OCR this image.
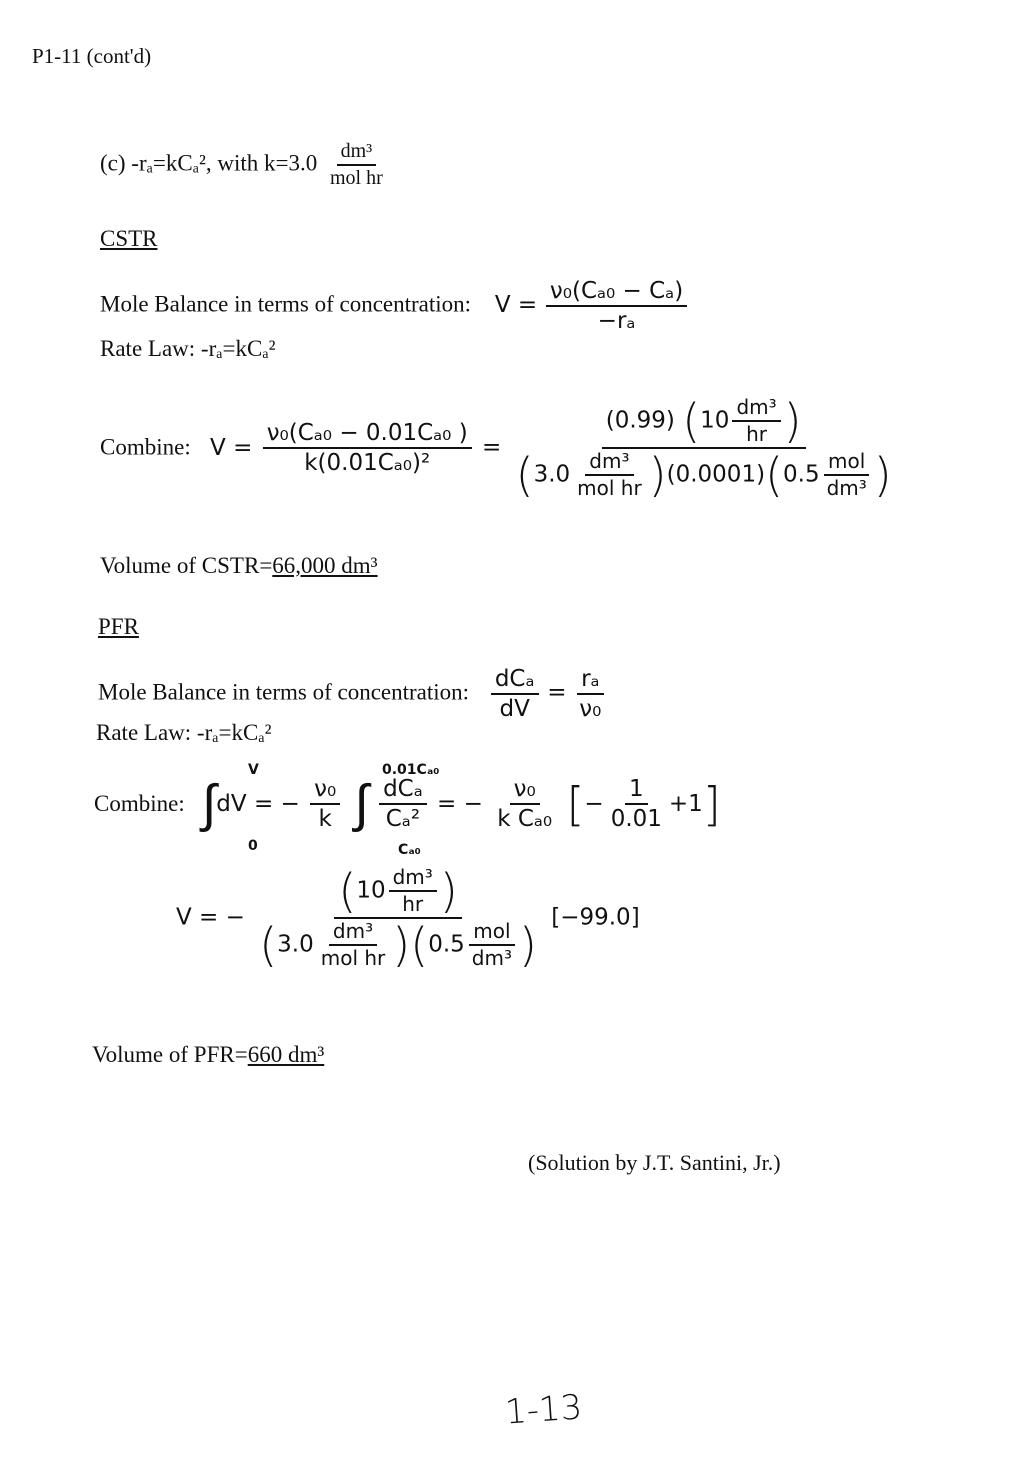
P1-11 (cont'd)
(c) -rₐ=kCₐ², with $k=3.0 \frac{\text{dm³}}{\text{mol hr}}$
CSTR
Mole Balance in terms of concentration: $V = \frac{\text{ν₀(Cₐ₀ − Cₐ)}}{\text{−rₐ}}$
Rate Law: -rₐ=kCₐ²
Combine: $V = \frac{\text{ν₀(Cₐ₀ − 0.01Cₐ₀ )}}{\text{k(0.01Cₐ₀)²}} = \frac{(0.99) (10 \frac{\text{dm³}}{hr} )}{(3.0 \frac{\text{dm³}}{\text{mol hr}} )(0.0001)(0.5 \frac{\text{mol}}{\text{dm³}} )}$
Volume of CSTR=66,000 dm³
PFR
Mole Balance in terms of concentration: $\frac{\text{dCₐ}}{dV} = \frac{\text{rₐ}}{\text{ν₀}}$
Rate Law: -rₐ=kCₐ²
V
0
0.01Cₐ₀
Cₐ₀
Combine: ∫dV = − $\frac{\text{ν₀}}{k}$ ∫ $\frac{\text{dCₐ}}{\text{Cₐ²}}$ = − $\frac{\text{ν₀}}{\text{k Cₐ₀}}$ [− $\frac{1}{0.01} +1$]
V = − $\frac{(10 \frac{\text{dm³}}{hr} )}{(3.0 \frac{\text{dm³}}{\text{mol hr}} )(0.5 \frac{\text{mol}}{\text{dm³}} )} [-99.0]$
Volume of PFR=660 dm³
(Solution by J.T. Santini, Jr.)
1-13
